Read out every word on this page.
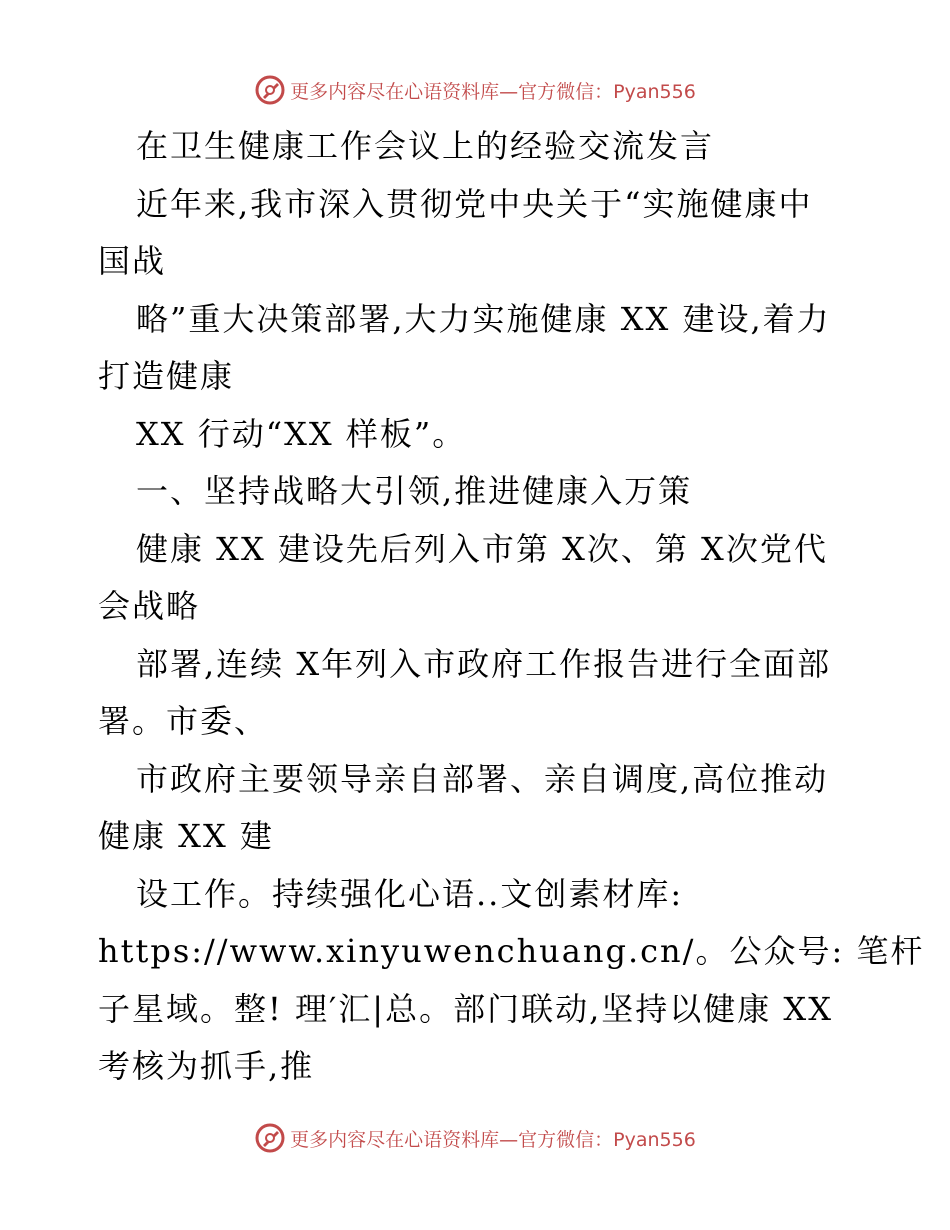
更多内容尽在心语资料库—官方微信：Pyan556
在卫生健康工作会议上的经验交流发言
近年来,我市深入贯彻党中央关于“实施健康中
国战
略”重大决策部署,大力实施健康 XX 建设,着力
打造健康
XX 行动“XX 样板”。
一、坚持战略大引领,推进健康入万策
健康 XX 建设先后列入市第 X次、第 X次党代
会战略
部署,连续 X年列入市政府工作报告进行全面部
署。市委、
市政府主要领导亲自部署、亲自调度,高位推动
健康 XX 建
设工作。持续强化心语..文创素材库:
https://www.xinyuwenchuang.cn/。公众号: 笔杆
子星域。整! 理′汇|总。部门联动,坚持以健康 XX
考核为抓手,推
更多内容尽在心语资料库—官方微信：Pyan556
